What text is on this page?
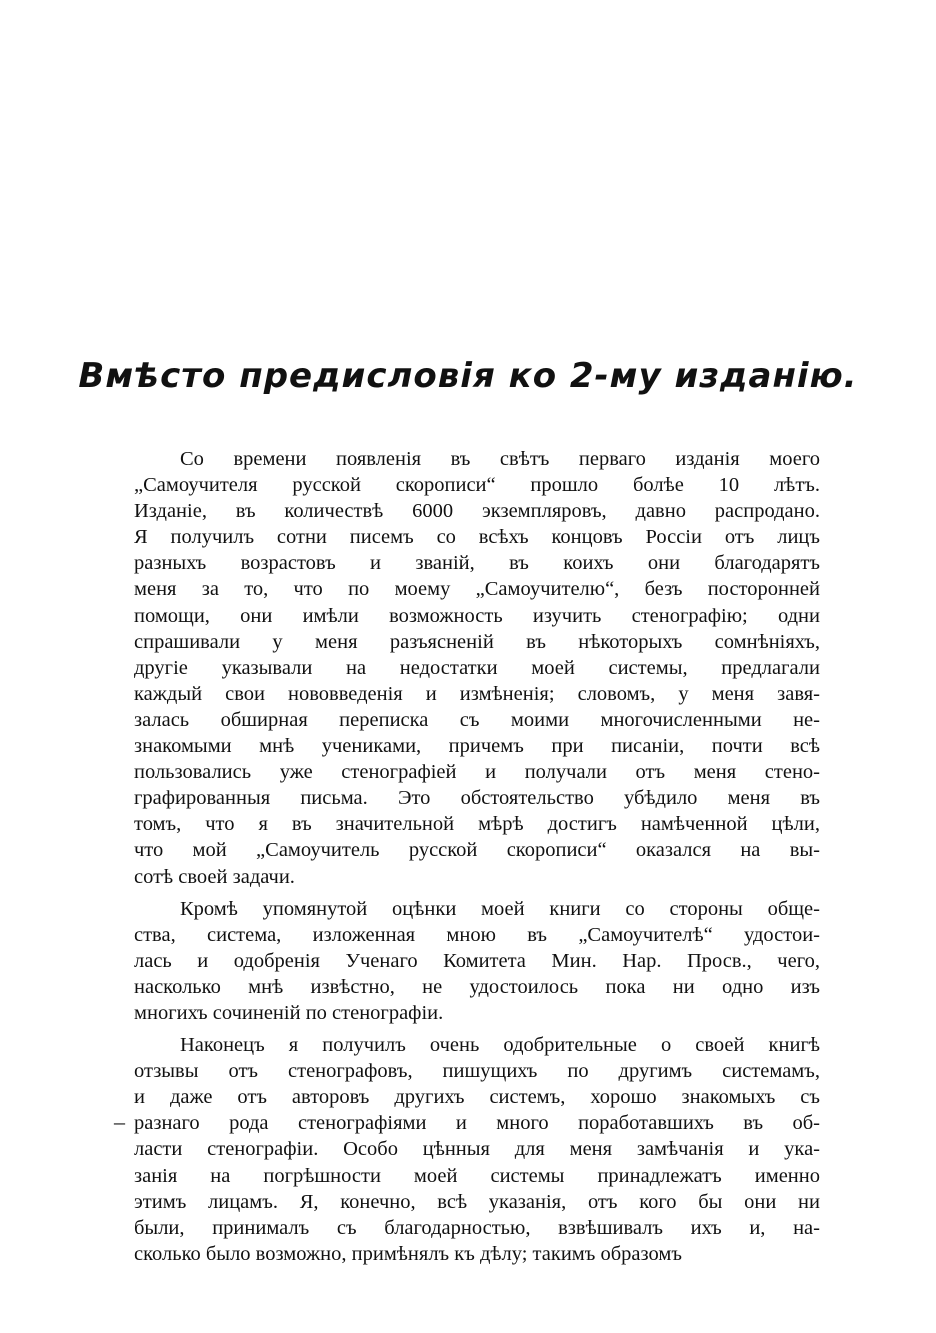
Вмѣсто предисловія ко 2-му изданію.
–
Со времени появленія въ свѣтъ перваго изданія моего
„Самоучителя русской скорописи“ прошло болѣе 10 лѣтъ.
Изданіе, въ количествѣ 6000 экземпляровъ, давно распродано.
Я получилъ сотни писемъ со всѣхъ концовъ Россіи отъ лицъ
разныхъ возрастовъ и званій, въ коихъ они благодарятъ
меня за то, что по моему „Самоучителю“, безъ посторонней
помощи, они имѣли возможность изучить стенографію; одни
спрашивали у меня разъясненій въ нѣкоторыхъ сомнѣніяхъ,
другіе указывали на недостатки моей системы, предлагали
каждый свои нововведенія и измѣненія; словомъ, у меня завя-
залась обширная переписка съ моими многочисленными не-
знакомыми мнѣ учениками, причемъ при писаніи, почти всѣ
пользовались уже стенографіей и получали отъ меня стено-
графированныя письма. Это обстоятельство убѣдило меня въ
томъ, что я въ значительной мѣрѣ достигъ намѣченной цѣли,
что мой „Самоучитель русской скорописи“ оказался на вы-
сотѣ своей задачи.
Кромѣ упомянутой оцѣнки моей книги со стороны обще-
ства, система, изложенная мною въ „Самоучителѣ“ удостои-
лась и одобренія Ученаго Комитета Мин. Нар. Просв., чего,
насколько мнѣ извѣстно, не удостоилось пока ни одно изъ
многихъ сочиненій по стенографіи.
Наконецъ я получилъ очень одобрительные о своей книгѣ
отзывы отъ стенографовъ, пишущихъ по другимъ системамъ,
и даже отъ авторовъ другихъ системъ, хорошо знакомыхъ съ
разнаго рода стенографіями и много поработавшихъ въ об-
ласти стенографіи. Особо цѣнныя для меня замѣчанія и ука-
занія на погрѣшности моей системы принадлежатъ именно
этимъ лицамъ. Я, конечно, всѣ указанія, отъ кого бы они ни
были, принималъ съ благодарностью, взвѣшивалъ ихъ и, на-
сколько было возможно, примѣнялъ къ дѣлу; такимъ образомъ
